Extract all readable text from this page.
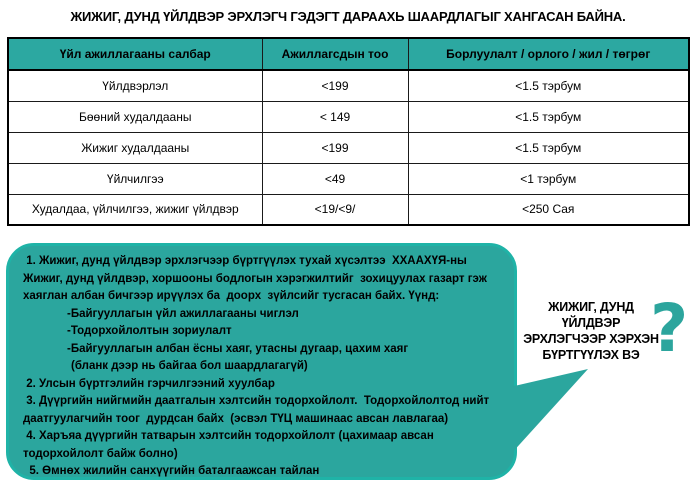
ЖИЖИГ, ДУНД ҮЙЛДВЭР ЭРХЛЭГЧ ГЭДЭГТ ДАРААХЬ ШААРДЛАГЫГ ХАНГАСАН БАЙНА.
Үйл ажиллагааны салбар	Ажиллагсдын тоо	Борлуулалт / орлого / жил / төгрөг
Үйлдвэрлэл	<199	<1.5 тэрбум
Бөөний худалдааны	< 149	<1.5 тэрбум
Жижиг худалдааны	<199	<1.5 тэрбум
Үйлчилгээ	<49	<1 тэрбум
Худалдаа, үйлчилгээ, жижиг үйлдвэр	<19/<9/	<250 Сая
1. Жижиг, дунд үйлдвэр эрхлэгчээр бүртгүүлэх тухай хүсэлтээ  ХХААХҮЯ-ны
Жижиг, дунд үйлдвэр, хоршооны бодлогын хэрэгжилтийг  зохицуулах газарт гэж
хаяглан албан бичгээр ирүүлэх ба  доорх  зүйлсийг тусгасан байх. Үүнд:
-Байгууллагын үйл ажиллагааны чиглэл
-Тодорхойлолтын зориулалт
-Байгууллагын албан ёсны хаяг, утасны дугаар, цахим хаяг
(бланк дээр нь байгаа бол шаардлагагүй)
2. Улсын бүртгэлийн гэрчилгээний хуулбар
3. Дүүргийн нийгмийн даатгалын хэлтсийн тодорхойлолт.  Тодорхойлолтод нийт
даатгуулагчийн тоог  дурдсан байх  (эсвэл ТҮЦ машинаас авсан лавлагаа)
4. Харъяа дүүргийн татварын хэлтсийн тодорхойлолт (цахимаар авсан
тодорхойлолт байж болно)
5. Өмнөх жилийн санхүүгийн баталгаажсан тайлан
ЖИЖИГ, ДУНД
ҮЙЛДВЭР
ЭРХЛЭГЧЭЭР ХЭРХЭН
БҮРТГҮҮЛЭХ ВЭ ?
